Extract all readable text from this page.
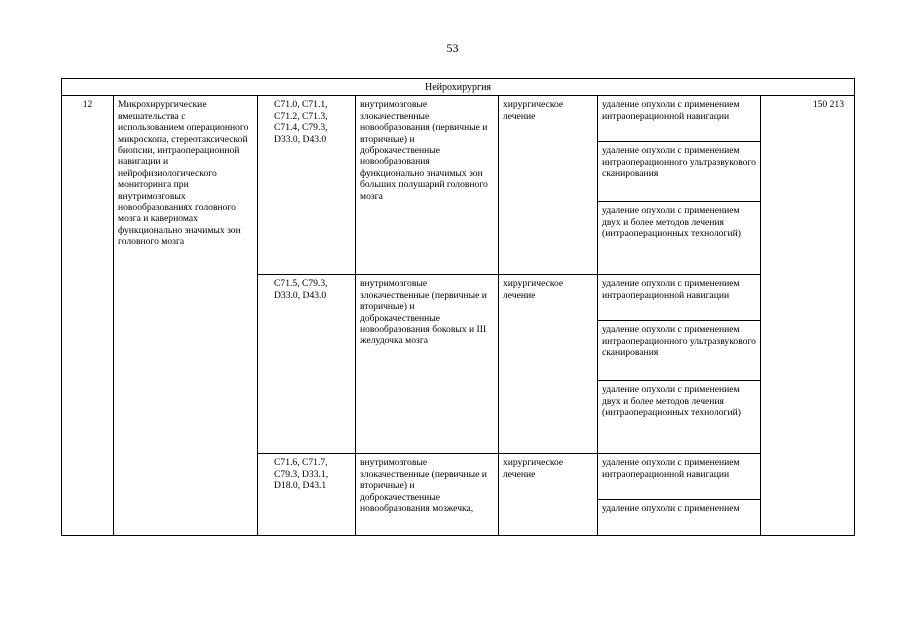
53
Нейрохирургия						
12	Микрохирургические вмешательства с использованием операционного микроскопа, стереотаксической биопсии, интраоперационной навигации и нейрофизиологического мониторинга при внутримозговых новообразованиях головного мозга и каверномах функционально значимых зон головного мозга	С71.0, С71.1, С71.2, С71.3, С71.4, С79.3, D33.0, D43.0	внутримозговые злокачественные новообразования (первичные и вторичные) и доброкачественные новообразования функционально значимых зон больших полушарий головного мозга	хирургическое лечение	удаление опухоли с применением интраоперационной навигации	150 213
					удаление опухоли с применением интраоперационного ультразвукового сканирования	
					удаление опухоли с применением двух и более методов лечения (интраоперационных технологий)	
		С71.5, С79.3, D33.0, D43.0	внутримозговые злокачественные (первичные и вторичные) и доброкачественные новообразования боковых и III желудочка мозга	хирургическое лечение	удаление опухоли с применением интраоперационной навигации	
					удаление опухоли с применением интраоперационного ультразвукового сканирования	
					удаление опухоли с применением двух и более методов лечения (интраоперационных технологий)	
		С71.6, С71.7, С79.3, D33.1, D18.0, D43.1	внутримозговые злокачественные (первичные и вторичные) и доброкачественные новообразования мозжечка,	хирургическое лечение	удаление опухоли с применением интраоперационной навигации	
					удаление опухоли с применением	
